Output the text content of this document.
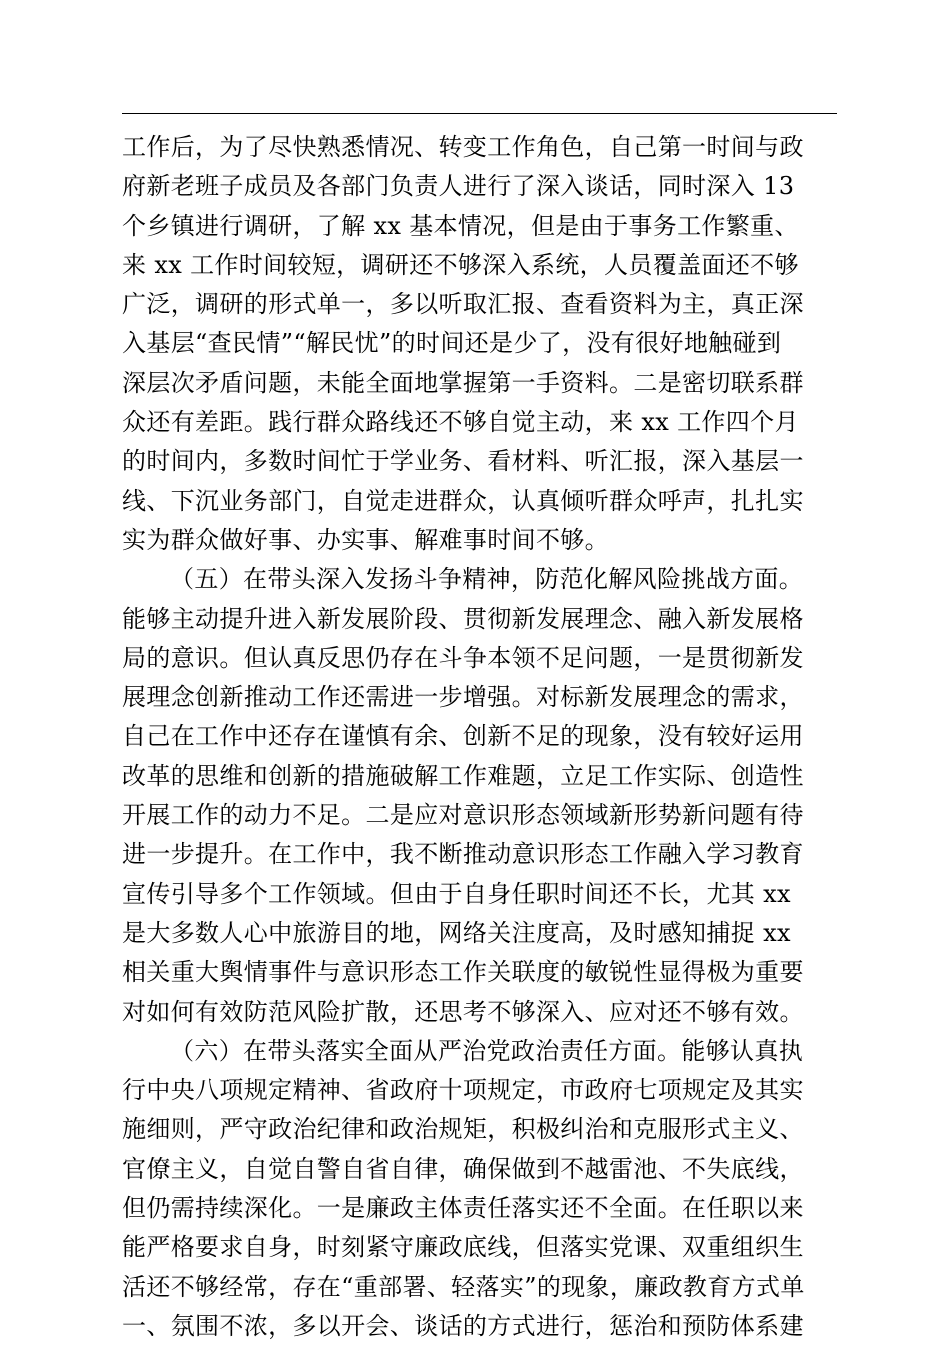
工作后，为了尽快熟悉情况、转变工作角色，自己第一时间与政
府新老班子成员及各部门负责人进行了深入谈话，同时深入 13
个乡镇进行调研，了解 xx 基本情况，但是由于事务工作繁重、
来 xx 工作时间较短，调研还不够深入系统，人员覆盖面还不够
广泛，调研的形式单一，多以听取汇报、查看资料为主，真正深
入基层“查民情”“解民忧”的时间还是少了，没有很好地触碰到
深层次矛盾问题，未能全面地掌握第一手资料。二是密切联系群
众还有差距。践行群众路线还不够自觉主动，来 xx 工作四个月
的时间内，多数时间忙于学业务、看材料、听汇报，深入基层一
线、下沉业务部门，自觉走进群众，认真倾听群众呼声，扎扎实
实为群众做好事、办实事、解难事时间不够。
（五）在带头深入发扬斗争精神，防范化解风险挑战方面。
能够主动提升进入新发展阶段、贯彻新发展理念、融入新发展格
局的意识。但认真反思仍存在斗争本领不足问题，一是贯彻新发
展理念创新推动工作还需进一步增强。对标新发展理念的需求，
自己在工作中还存在谨慎有余、创新不足的现象，没有较好运用
改革的思维和创新的措施破解工作难题，立足工作实际、创造性
开展工作的动力不足。二是应对意识形态领域新形势新问题有待
进一步提升。在工作中，我不断推动意识形态工作融入学习教育
宣传引导多个工作领域。但由于自身任职时间还不长，尤其 xx
是大多数人心中旅游目的地，网络关注度高，及时感知捕捉 xx
相关重大舆情事件与意识形态工作关联度的敏锐性显得极为重要
对如何有效防范风险扩散，还思考不够深入、应对还不够有效。
（六）在带头落实全面从严治党政治责任方面。能够认真执
行中央八项规定精神、省政府十项规定，市政府七项规定及其实
施细则，严守政治纪律和政治规矩，积极纠治和克服形式主义、
官僚主义，自觉自警自省自律，确保做到不越雷池、不失底线，
但仍需持续深化。一是廉政主体责任落实还不全面。在任职以来
能严格要求自身，时刻紧守廉政底线，但落实党课、双重组织生
活还不够经常，存在“重部署、轻落实”的现象，廉政教育方式单
一、氛围不浓，多以开会、谈话的方式进行，惩治和预防体系建
